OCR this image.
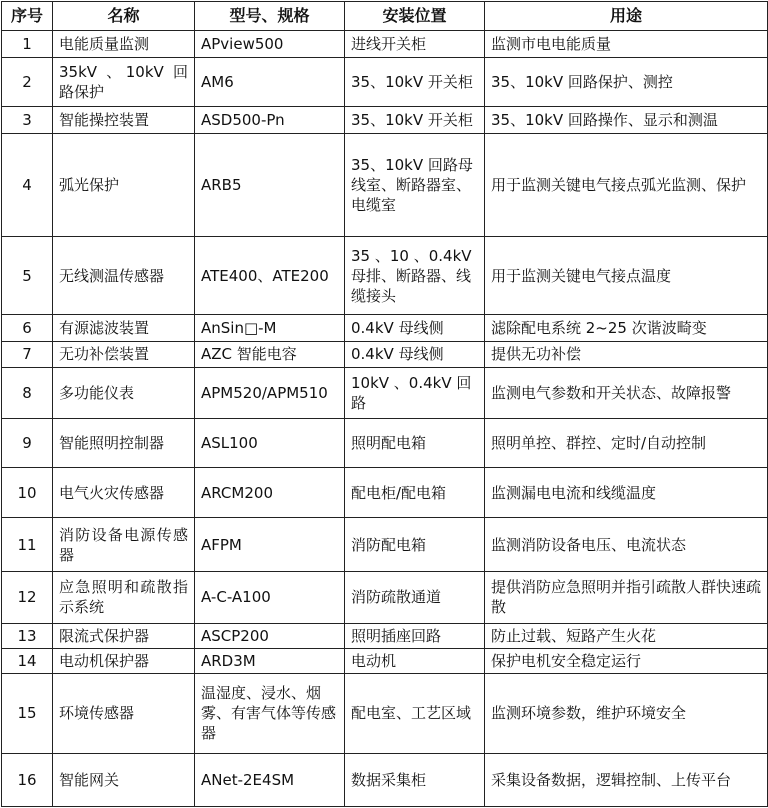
序号	名称	型号、规格	安装位置	用途
1	电能质量监测	APview500	进线开关柜	监测市电电能质量
2	35kV 、10kV 回路保护	AM6	35、10kV 开关柜	35、10kV 回路保护、测控
3	智能操控装置	ASD500-Pn	35、10kV 开关柜	35、10kV 回路操作、显示和测温
4	弧光保护	ARB5	35、10kV 回路母线室、断路器室、电缆室	用于监测关键电气接点弧光监测、保护
5	无线测温传感器	ATE400、ATE200	35 、10 、0.4kV 母排、断路器、线缆接头	用于监测关键电气接点温度
6	有源滤波装置	AnSin□-M	0.4kV 母线侧	滤除配电系统 2~25 次谐波畸变
7	无功补偿装置	AZC 智能电容	0.4kV 母线侧	提供无功补偿
8	多功能仪表	APM520/APM510	10kV 、0.4kV 回路	监测电气参数和开关状态、故障报警
9	智能照明控制器	ASL100	照明配电箱	照明单控、群控、定时/自动控制
10	电气火灾传感器	ARCM200	配电柜/配电箱	监测漏电电流和线缆温度
11	消防设备电源传感器	AFPM	消防配电箱	监测消防设备电压、电流状态
12	应急照明和疏散指示系统	A-C-A100	消防疏散通道	提供消防应急照明并指引疏散人群快速疏散
13	限流式保护器	ASCP200	照明插座回路	防止过载、短路产生火花
14	电动机保护器	ARD3M	电动机	保护电机安全稳定运行
15	环境传感器	温湿度、浸水、烟雾、有害气体等传感器	配电室、工艺区域	监测环境参数，维护环境安全
16	智能网关	ANet-2E4SM	数据采集柜	采集设备数据，逻辑控制、上传平台
